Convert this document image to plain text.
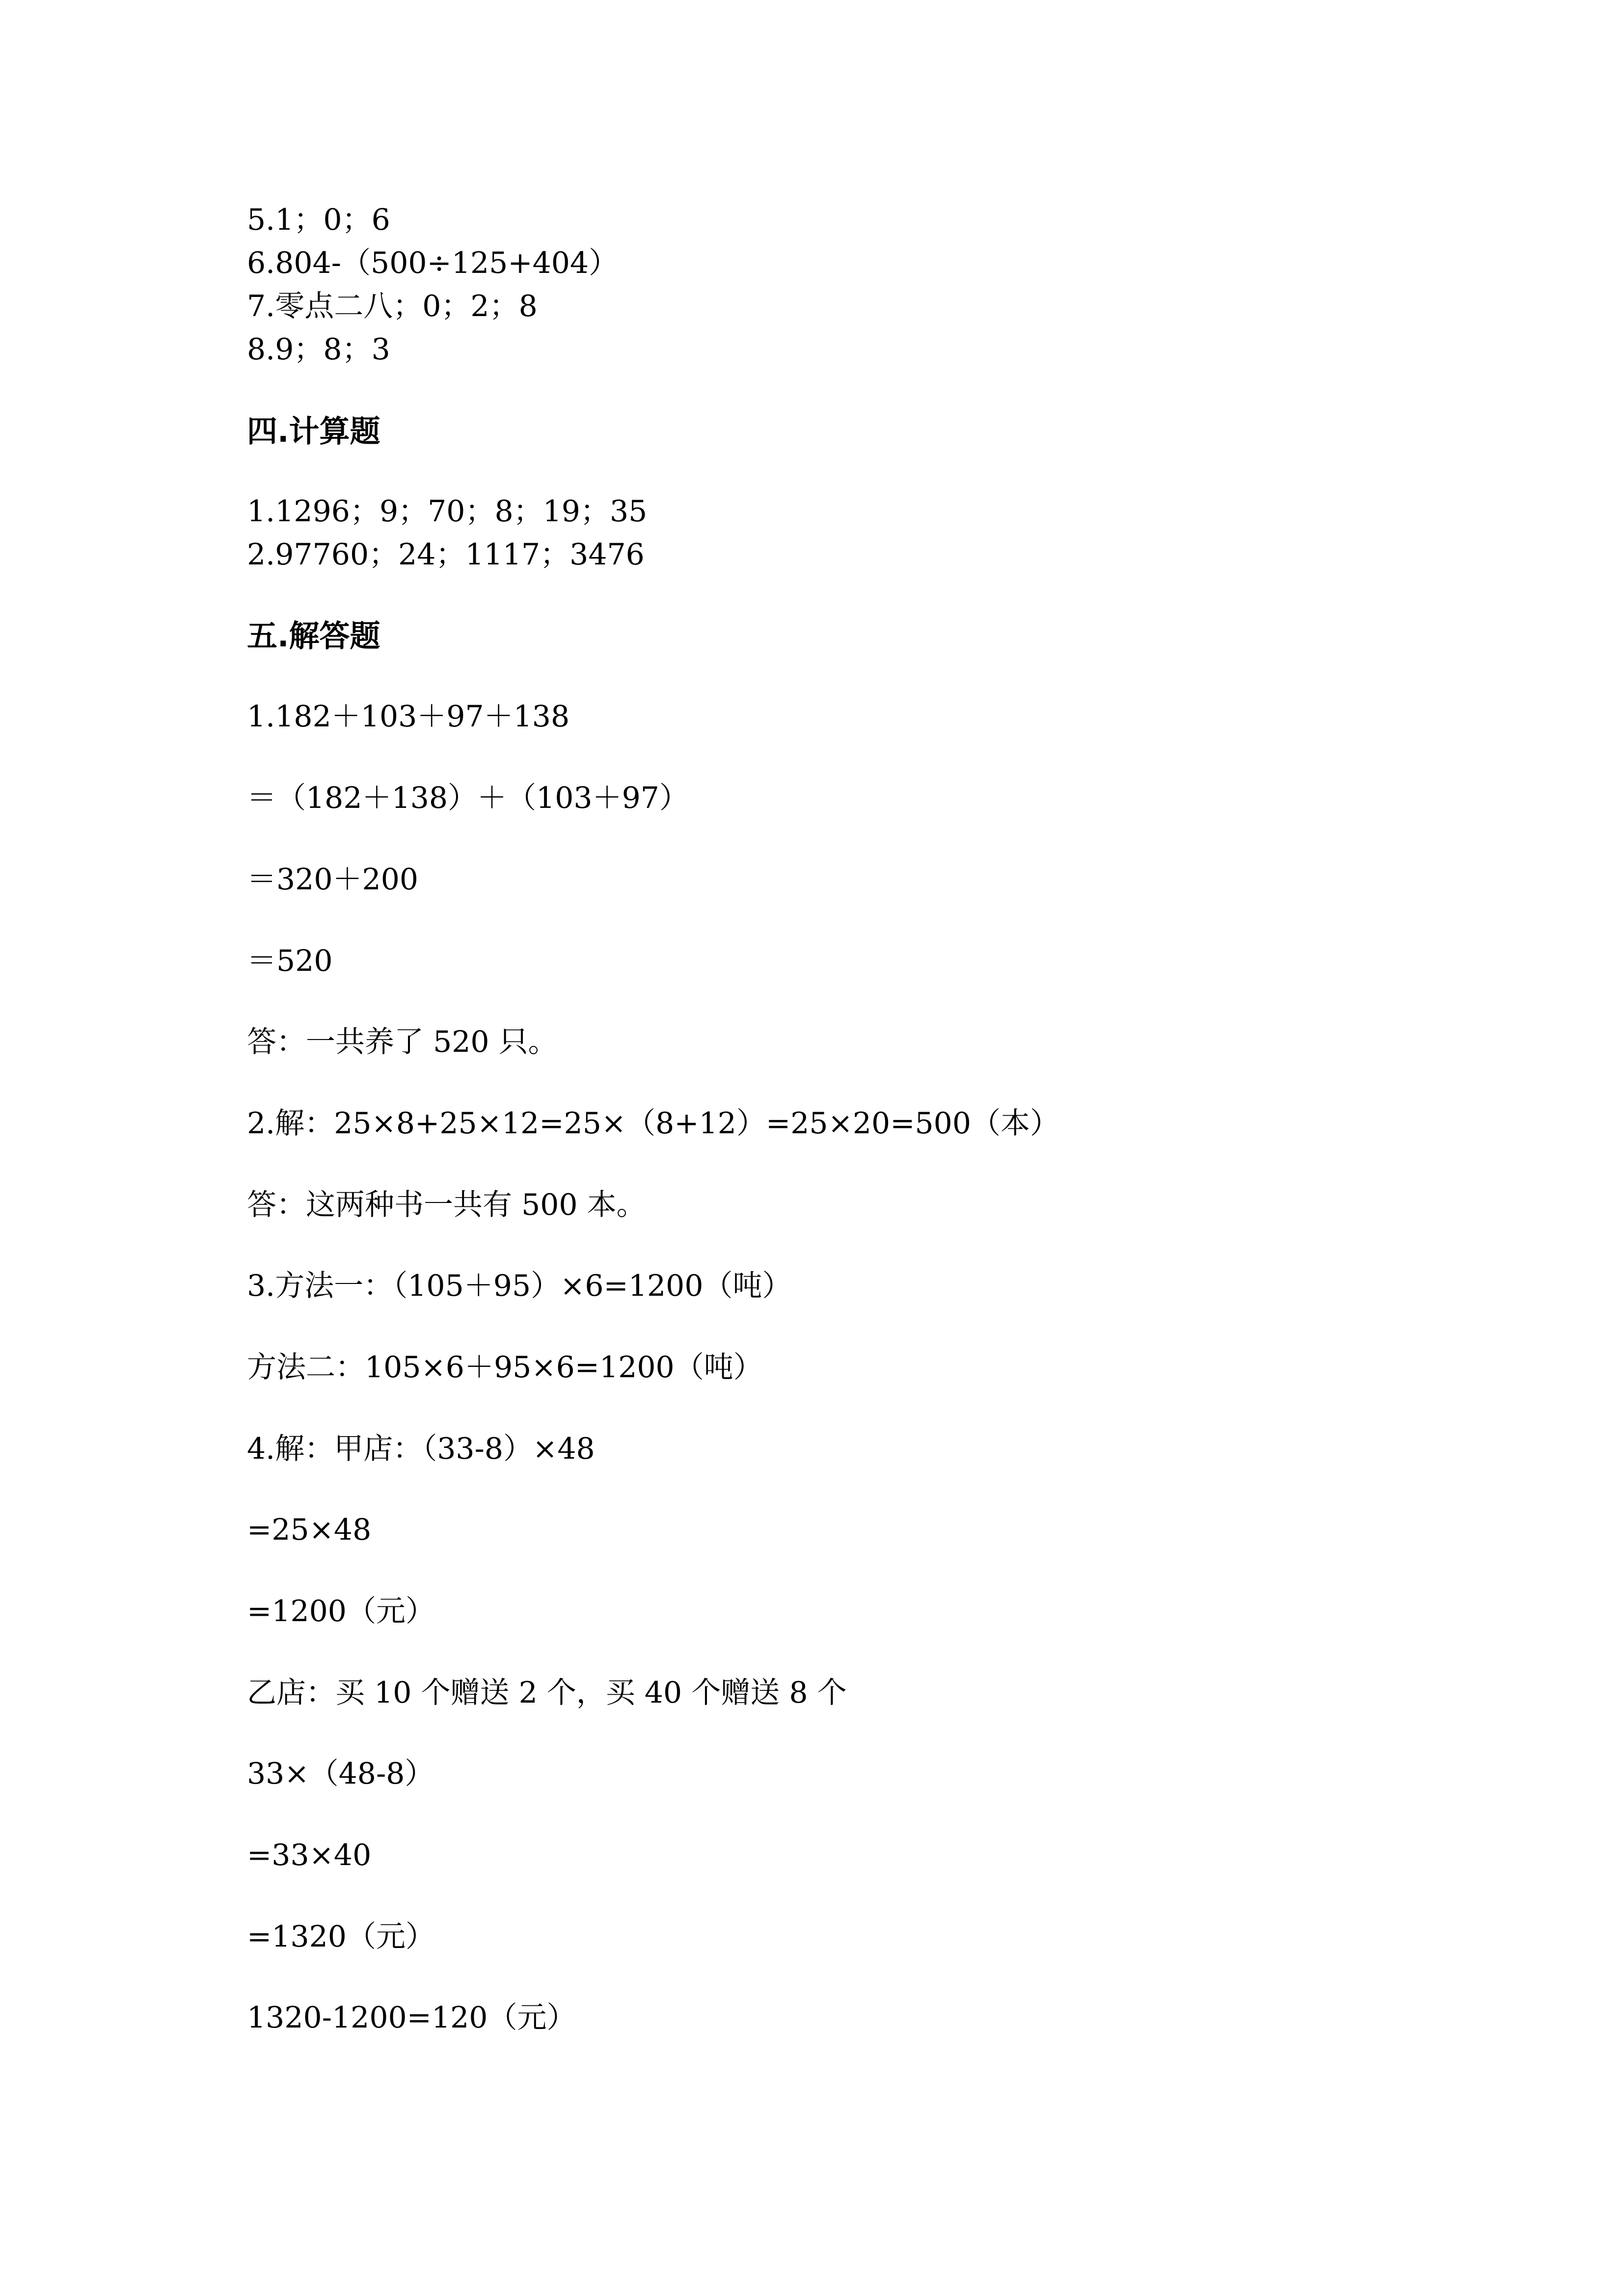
5.1；0；6

6.804-（500÷125+404）

7.零点二八；0；2；8

8.9；8；3

四.计算题

1.1296；9；70；8；19；35

2.97760；24；1117；3476

五.解答题

1.182＋103＋97＋138

＝（182＋138）＋（103＋97）

＝320＋200

＝520

答：一共养了 520 只。

2.解：25×8+25×12=25×（8+12）=25×20=500（本）

答：这两种书一共有 500 本。

3.方法一：（105＋95）×6=1200（吨）

方法二：105×6＋95×6=1200（吨）

4.解：甲店：（33-8）×48

=25×48

=1200（元）

乙店：买 10 个赠送 2 个，买 40 个赠送 8 个

33×（48-8）

=33×40

=1320（元）

1320-1200=120（元）
